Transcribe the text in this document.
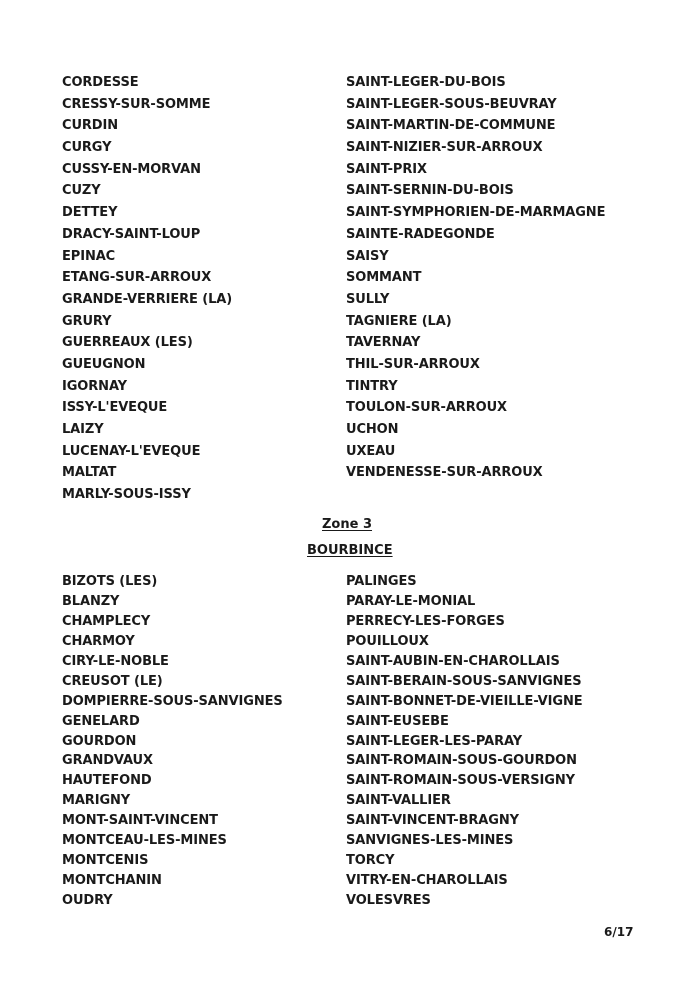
CORDESSE
CRESSY-SUR-SOMME
CURDIN
CURGY
CUSSY-EN-MORVAN
CUZY
DETTEY
DRACY-SAINT-LOUP
EPINAC
ETANG-SUR-ARROUX
GRANDE-VERRIERE (LA)
GRURY
GUERREAUX (LES)
GUEUGNON
IGORNAY
ISSY-L'EVEQUE
LAIZY
LUCENAY-L'EVEQUE
MALTAT
MARLY-SOUS-ISSY
SAINT-LEGER-DU-BOIS
SAINT-LEGER-SOUS-BEUVRAY
SAINT-MARTIN-DE-COMMUNE
SAINT-NIZIER-SUR-ARROUX
SAINT-PRIX
SAINT-SERNIN-DU-BOIS
SAINT-SYMPHORIEN-DE-MARMAGNE
SAINTE-RADEGONDE
SAISY
SOMMANT
SULLY
TAGNIERE (LA)
TAVERNAY
THIL-SUR-ARROUX
TINTRY
TOULON-SUR-ARROUX
UCHON
UXEAU
VENDENESSE-SUR-ARROUX
Zone 3
BOURBINCE
BIZOTS (LES)
BLANZY
CHAMPLECY
CHARMOY
CIRY-LE-NOBLE
CREUSOT (LE)
DOMPIERRE-SOUS-SANVIGNES
GENELARD
GOURDON
GRANDVAUX
HAUTEFOND
MARIGNY
MONT-SAINT-VINCENT
MONTCEAU-LES-MINES
MONTCENIS
MONTCHANIN
OUDRY
PALINGES
PARAY-LE-MONIAL
PERRECY-LES-FORGES
POUILLOUX
SAINT-AUBIN-EN-CHAROLLAIS
SAINT-BERAIN-SOUS-SANVIGNES
SAINT-BONNET-DE-VIEILLE-VIGNE
SAINT-EUSEBE
SAINT-LEGER-LES-PARAY
SAINT-ROMAIN-SOUS-GOURDON
SAINT-ROMAIN-SOUS-VERSIGNY
SAINT-VALLIER
SAINT-VINCENT-BRAGNY
SANVIGNES-LES-MINES
TORCY
VITRY-EN-CHAROLLAIS
VOLESVRES
6/17
